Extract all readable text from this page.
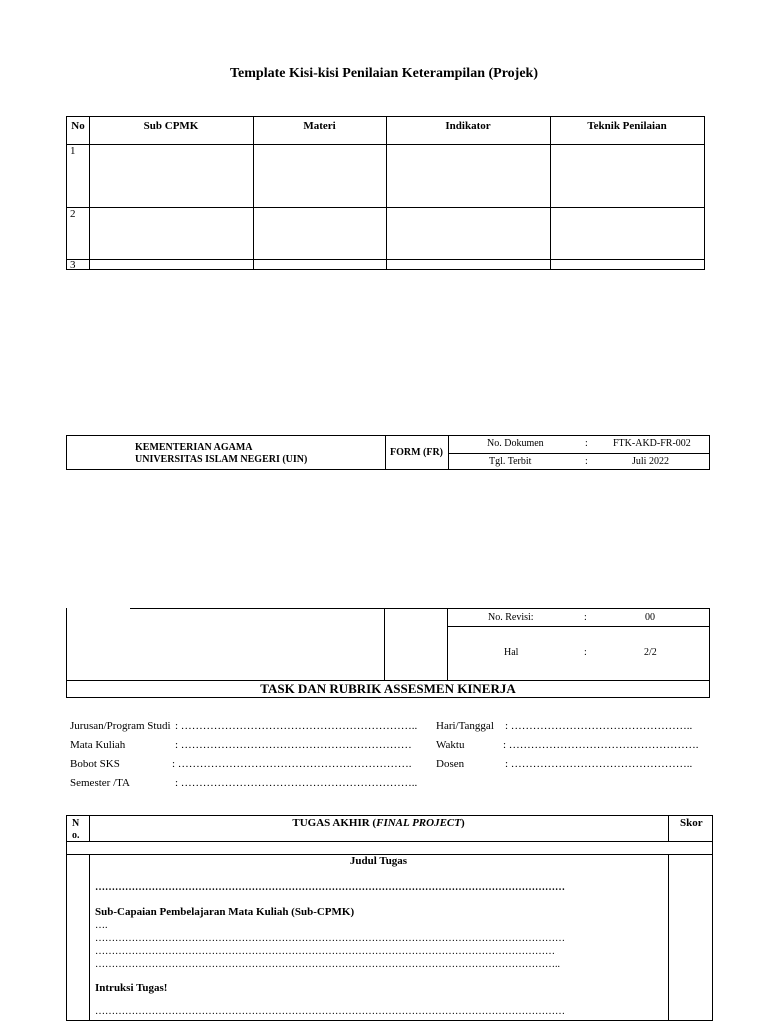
Template Kisi-kisi Penilaian Keterampilan (Projek)
No	Sub CPMK	Materi	Indikator	Teknik Penilaian
1
2
3
KEMENTERIAN AGAMA
UNIVERSITAS ISLAM NEGERI (UIN)
FORM (FR)
No. Dokumen	:	FTK-AKD-FR-002
Tgl. Terbit	:	Juli 2022
No. Revisi:	:	00
Hal	:	2/2
TASK DAN RUBRIK ASSESMEN KINERJA
Jurusan/Program Studi : ………………………………………………………..
Mata Kuliah	: ………………………………………………………
Bobot SKS	: ……………………………………………………….
Semester /TA	: ………………………………………………………..
Hari/Tanggal : …………………………………………..
Waktu	: …………………………………………….
Dosen	: …………………………………………..
N
o.
TUGAS AKHIR (FINAL PROJECT)	Skor
Judul Tugas
……………………………………………………………………………………………………………………………
Sub-Capaian Pembelajaran Mata Kuliah (Sub-CPMK)
….
……………………………………………………………………………………………………………………………
…………………………………………………………………………………………………………………………
…………………………………………………………………………………………………………………………..
Intruksi Tugas!
……………………………………………………………………………………………………………………………
